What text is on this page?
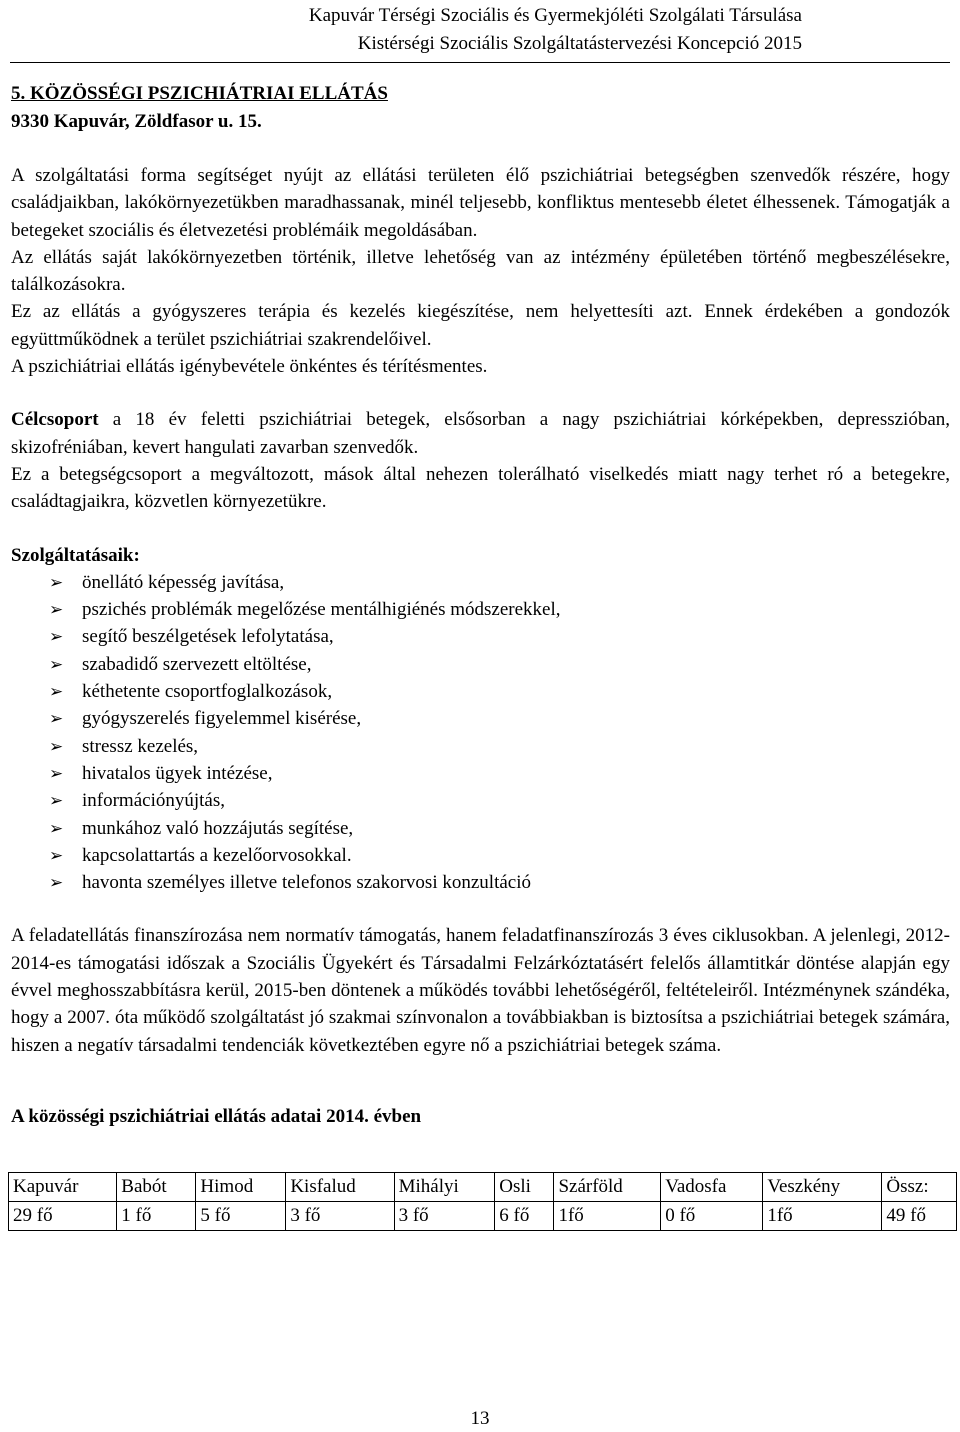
Kapuvár Térségi Szociális és Gyermekjóléti Szolgálati Társulása
Kistérségi Szociális Szolgáltatástervezési Koncepció 2015
5. KÖZÖSSÉGI PSZICHIÁTRIAI ELLÁTÁS
9330 Kapuvár, Zöldfasor u. 15.

A szolgáltatási forma segítséget nyújt az ellátási területen élő pszichiátriai betegségben szenvedők részére, hogy családjaikban, lakókörnyezetükben maradhassanak, minél teljesebb, konfliktus mentesebb életet élhessenek. Támogatják a betegeket szociális és életvezetési problémáik megoldásában.

Az ellátás saját lakókörnyezetben történik, illetve lehetőség van az intézmény épületében történő megbeszélésekre, találkozásokra.

Ez az ellátás a gyógyszeres terápia és kezelés kiegészítése, nem helyettesíti azt. Ennek érdekében a gondozók együttműködnek a terület pszichiátriai szakrendelőivel.

A pszichiátriai ellátás igénybevétele önkéntes és térítésmentes.

Célcsoport a 18 év feletti pszichiátriai betegek, elsősorban a nagy pszichiátriai kórképekben, depresszióban, skizofréniában, kevert hangulati zavarban szenvedők.

Ez a betegségcsoport a megváltozott, mások által nehezen tolerálható viselkedés miatt nagy terhet ró a betegekre, családtagjaikra, közvetlen környezetükre.

Szolgáltatásaik:

➢ önellátó képesség javítása,
➢ pszichés problémák megelőzése mentálhigiénés módszerekkel,
➢ segítő beszélgetések lefolytatása,
➢ szabadidő szervezett eltöltése,
➢ kéthetente csoportfoglalkozások,
➢ gyógyszerelés figyelemmel kisérése,
➢ stressz kezelés,
➢ hivatalos ügyek intézése,
➢ információnyújtás,
➢ munkához való hozzájutás segítése,
➢ kapcsolattartás a kezelőorvosokkal.
➢ havonta személyes illetve telefonos szakorvosi konzultáció

A feladatellátás finanszírozása nem normatív támogatás, hanem feladatfinanszírozás 3 éves ciklusokban. A jelenlegi, 2012-2014-es támogatási időszak a Szociális Ügyekért és Társadalmi Felzárkóztatásért felelős államtitkár döntése alapján egy évvel meghosszabbításra kerül, 2015-ben döntenek a működés további lehetőségéről, feltételeiről. Intézménynek szándéka, hogy a 2007. óta működő szolgáltatást jó szakmai színvonalon a továbbiakban is biztosítsa a pszichiátriai betegek számára, hiszen a negatív társadalmi tendenciák következtében egyre nő a pszichiátriai betegek száma.

A közösségi pszichiátriai ellátás adatai 2014. évben

Kapuvár	Babót	Himod	Kisfalud	Mihályi	Osli	Szárföld	Vadosfa	Veszkény	Össz:
29 fő	1 fő	5 fő	3 fő	3 fő	6 fő	1fő	0 fő	1fő	49 fő
13
